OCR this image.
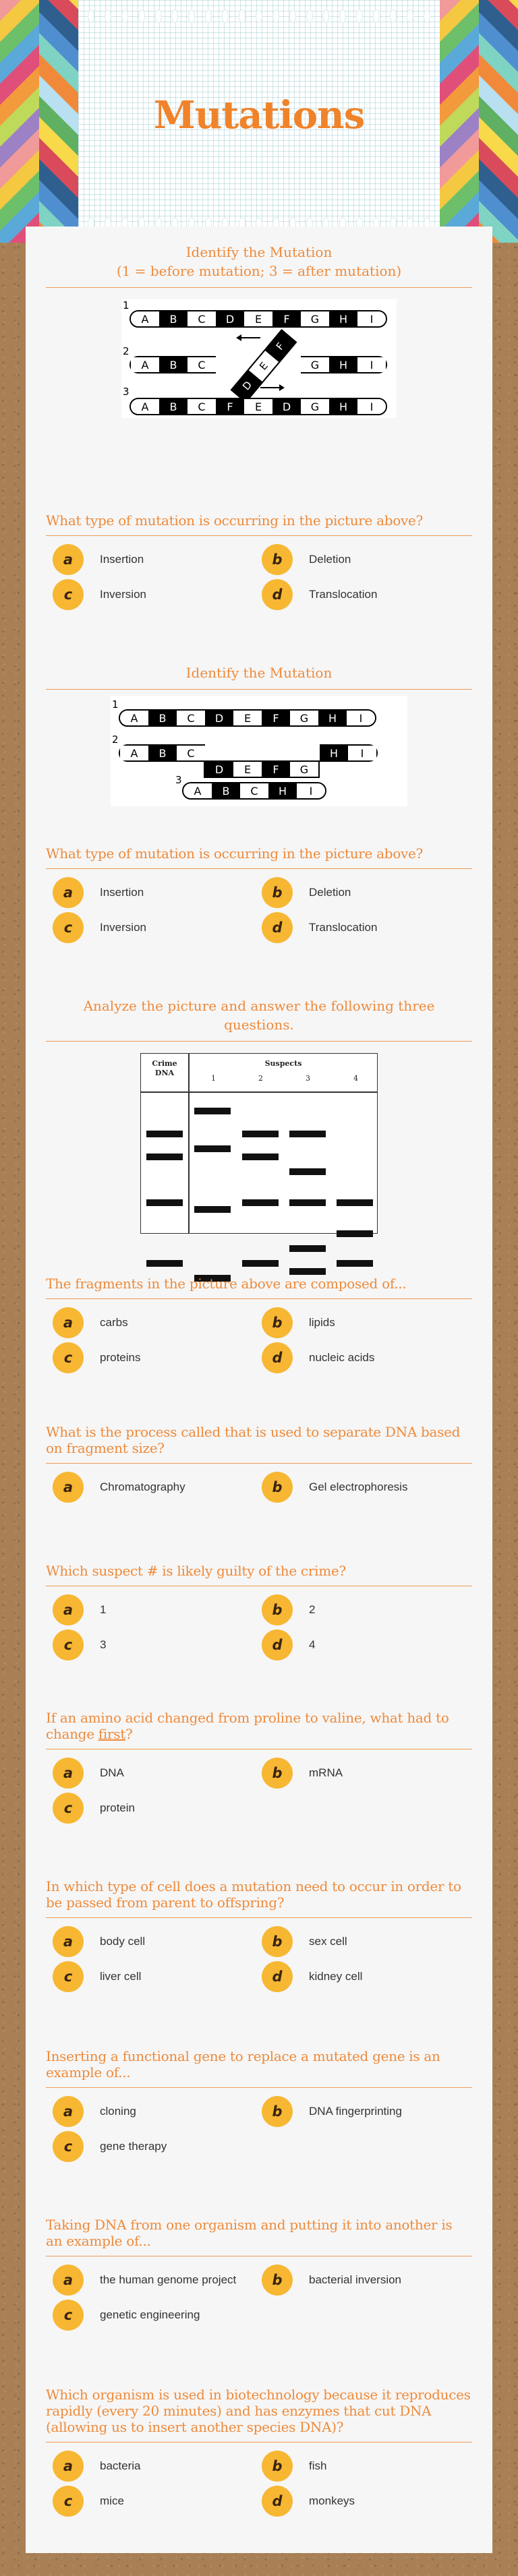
Mutations
Identify the Mutation
(1 = before mutation; 3 = after mutation)
1
A	B	C	D	E	F	G	H	I
2
A	B	C
D
E
F
G	H	I
3
A	B	C	F	E	D	G	H	I
What type of mutation is occurring in the picture above?
a	Insertion	b	Deletion
c	Inversion	d	Translocation
Identify the Mutation
1
A	B	C	D	E	F	G	H	I
2
A	B	C
D	E	F	G
H	I
3
A	B	C	H	I
What type of mutation is occurring in the picture above?
a	Insertion	b	Deletion
c	Inversion	d	Translocation
Analyze the picture and answer the following three
questions.
Crime
DNA
Suspects
1	2	3	4
The fragments in the picture above are composed of...
a	carbs	b	lipids
c	proteins	d	nucleic acids
What is the process called that is used to separate DNA based on fragment size?
a	Chromatography	b	Gel electrophoresis
Which suspect # is likely guilty of the crime?
a	1	b	2
c	3	d	4
If an amino acid changed from proline to valine, what had to change first?
a	DNA	b	mRNA
c	protein
In which type of cell does a mutation need to occur in order to be passed from parent to offspring?
a	body cell	b	sex cell
c	liver cell	d	kidney cell
Inserting a functional gene to replace a mutated gene is an example of...
a	cloning	b	DNA fingerprinting
c	gene therapy
Taking DNA from one organism and putting it into another is an example of...
a	the human genome project	b	bacterial inversion
c	genetic engineering
Which organism is used in biotechnology because it reproduces rapidly (every 20 minutes) and has enzymes that cut DNA (allowing us to insert another species DNA)?
a	bacteria	b	fish
c	mice	d	monkeys
